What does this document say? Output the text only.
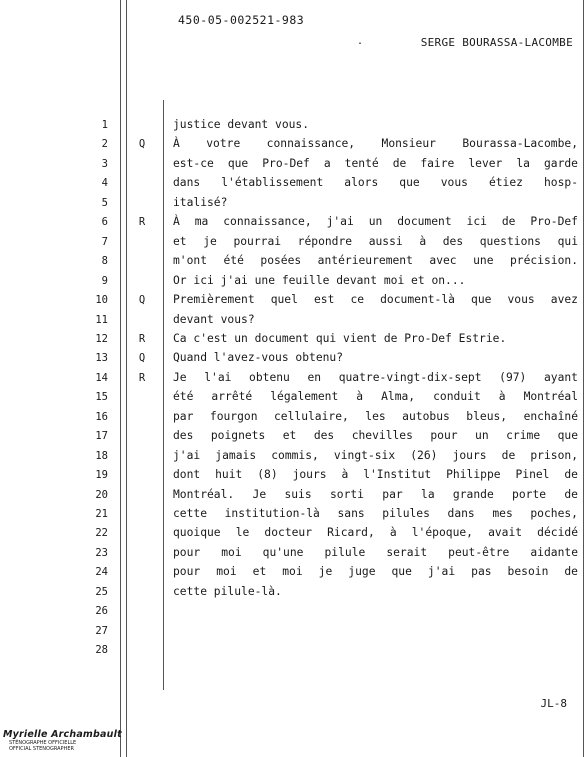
450-05-002521-983
.	SERGE BOURASSA-LACOMBE
1	justice devant vous.
2	Q	À votre connaissance, Monsieur Bourassa-Lacombe,
3	est-ce que Pro-Def a tenté de faire lever la garde
4	dans l'établissement alors que vous étiez hosp-
5	italisé?
6	R	À ma connaissance, j'ai un document ici de Pro-Def
7	et je pourrai répondre aussi à des questions qui
8	m'ont été posées antérieurement avec une précision.
9	Or ici j'ai une feuille devant moi et on...
10	Q	Premièrement quel est ce document-là que vous avez
11	devant vous?
12	R	Ca c'est un document qui vient de Pro-Def Estrie.
13	Q	Quand l'avez-vous obtenu?
14	R	Je l'ai obtenu en quatre-vingt-dix-sept (97) ayant
15	été arrêté légalement à Alma, conduit à Montréal
16	par fourgon cellulaire, les autobus bleus, enchaîné
17	des poignets et des chevilles pour un crime que
18	j'ai jamais commis, vingt-six (26) jours de prison,
19	dont huit (8) jours à l'Institut Philippe Pinel de
20	Montréal. Je suis sorti par la grande porte de
21	cette institution-là sans pilules dans mes poches,
22	quoique le docteur Ricard, à l'époque, avait décidé
23	pour moi qu'une pilule serait peut-être aidante
24	pour moi et moi je juge que j'ai pas besoin de
25	cette pilule-là.
26
27
28
JL-8
Myrielle Archambault
STÉNOGRAPHE OFFICIELLE
OFFICIAL STENOGRAPHER
